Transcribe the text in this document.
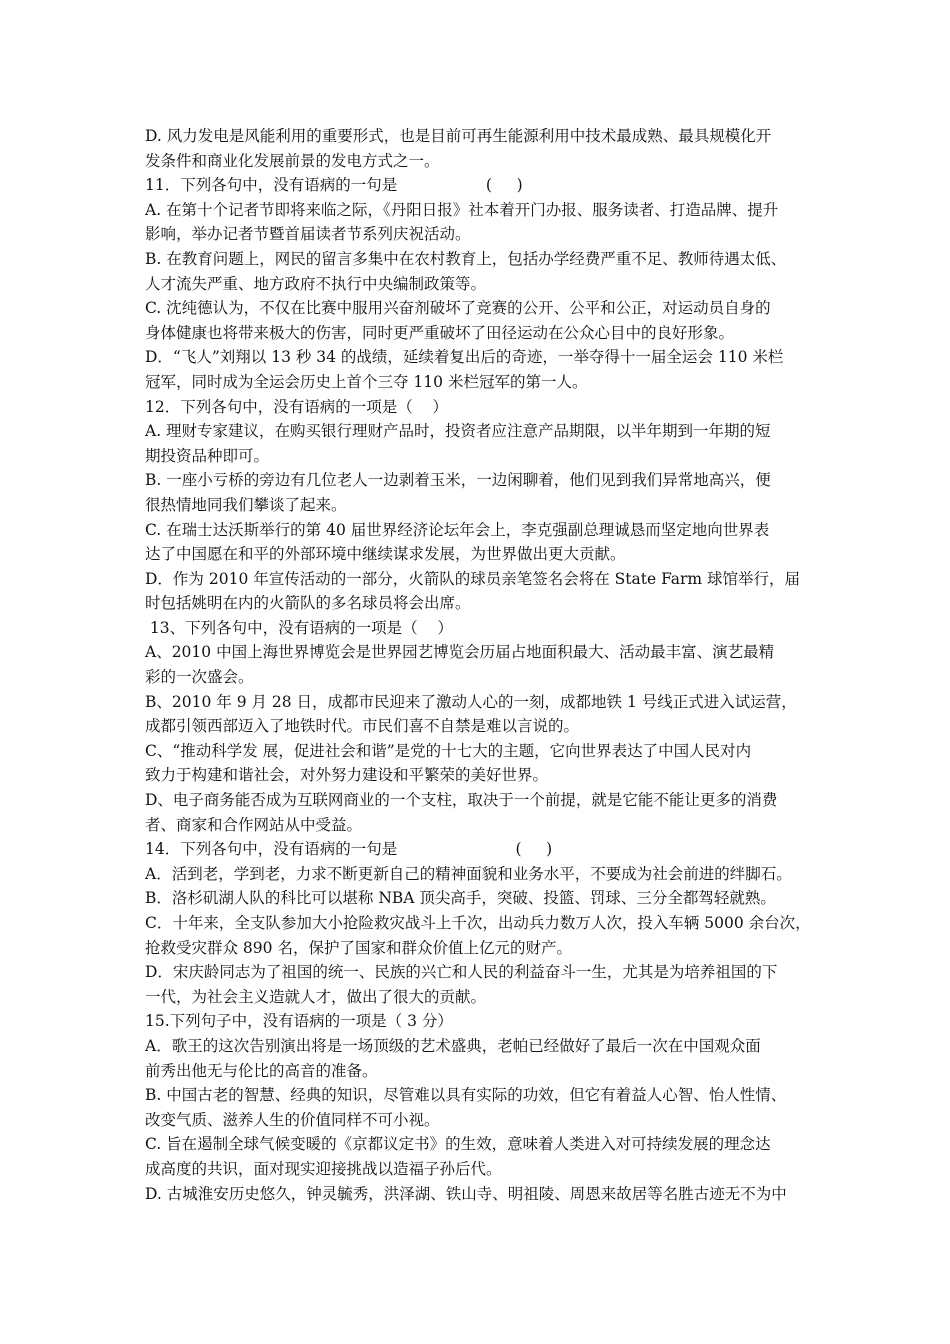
D. 风力发电是风能利用的重要形式，也是目前可再生能源利用中技术最成熟、最具规模化开
发条件和商业化发展前景的发电方式之一。
11．下列各句中，没有语病的一句是                  (     )
A. 在第十个记者节即将来临之际，《丹阳日报》社本着开门办报、服务读者、打造品牌、提升
影响，举办记者节暨首届读者节系列庆祝活动。
B. 在教育问题上，网民的留言多集中在农村教育上，包括办学经费严重不足、教师待遇太低、
人才流失严重、地方政府不执行中央编制政策等。
C. 沈纯德认为，不仅在比赛中服用兴奋剂破坏了竞赛的公开、公平和公正，对运动员自身的
身体健康也将带来极大的伤害，同时更严重破坏了田径运动在公众心目中的良好形象。
D．“飞人”刘翔以 13 秒 34 的战绩，延续着复出后的奇迹，一举夺得十一届全运会 110 米栏
冠军，同时成为全运会历史上首个三夺 110 米栏冠军的第一人。
12．下列各句中，没有语病的一项是（    ）
A. 理财专家建议，在购买银行理财产品时，投资者应注意产品期限，以半年期到一年期的短
期投资品种即可。
B. 一座小亏桥的旁边有几位老人一边剥着玉米，一边闲聊着，他们见到我们异常地高兴，便
很热情地同我们攀谈了起来。
C. 在瑞士达沃斯举行的第 40 届世界经济论坛年会上，李克强副总理诚恳而坚定地向世界表
达了中国愿在和平的外部环境中继续谋求发展，为世界做出更大贡献。
D．作为 2010 年宣传活动的一部分，火箭队的球员亲笔签名会将在 State Farm 球馆举行，届
时包括姚明在内的火箭队的多名球员将会出席。
13、下列各句中，没有语病的一项是（    ）
A、2010 中国上海世界博览会是世界园艺博览会历届占地面积最大、活动最丰富、演艺最精
彩的一次盛会。
B、2010 年 9 月 28 日，成都市民迎来了激动人心的一刻，成都地铁 1 号线正式进入试运营，
成都引领西部迈入了地铁时代。市民们喜不自禁是难以言说的。
C、“推动科学发 展，促进社会和谐”是党的十七大的主题，它向世界表达了中国人民对内
致力于构建和谐社会，对外努力建设和平繁荣的美好世界。
D、电子商务能否成为互联网商业的一个支柱，取决于一个前提，就是它能不能让更多的消费
者、商家和合作网站从中受益。
14．下列各句中，没有语病的一句是                        (     )
A．活到老，学到老，力求不断更新自己的精神面貌和业务水平，不要成为社会前进的绊脚石。
B．洛杉矶湖人队的科比可以堪称 NBA 顶尖高手，突破、投篮、罚球、三分全都驾轻就熟。
C．十年来，全支队参加大小抢险救灾战斗上千次，出动兵力数万人次，投入车辆 5000 余台次，
抢救受灾群众 890 名，保护了国家和群众价值上亿元的财产。
D．宋庆龄同志为了祖国的统一、民族的兴亡和人民的利益奋斗一生，尤其是为培养祖国的下
一代，为社会主义造就人才，做出了很大的贡献。
15.下列句子中，没有语病的一项是（ 3 分）
A．歌王的这次告别演出将是一场顶级的艺术盛典，老帕已经做好了最后一次在中国观众面
前秀出他无与伦比的高音的准备。
B. 中国古老的智慧、经典的知识，尽管难以具有实际的功效，但它有着益人心智、怡人性情、
改变气质、滋养人生的价值同样不可小视。
C. 旨在遏制全球气候变暖的《京都议定书》的生效，意味着人类进入对可持续发展的理念达
成高度的共识，面对现实迎接挑战以造福子孙后代。
D. 古城淮安历史悠久，钟灵毓秀，洪泽湖、铁山寺、明祖陵、周恩来故居等名胜古迹无不为中
